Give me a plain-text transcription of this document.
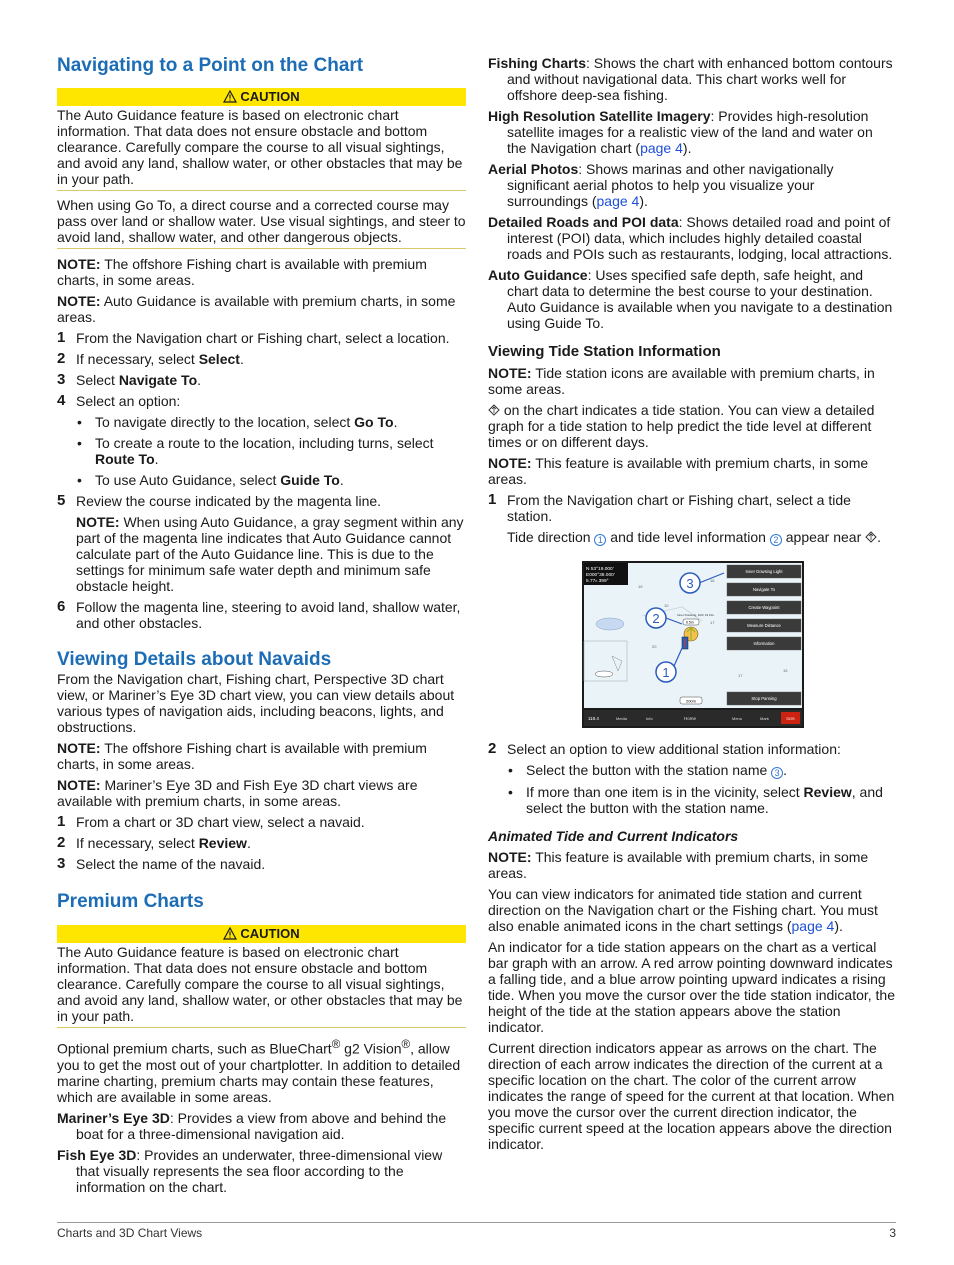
Navigating to a Point on the Chart
CAUTION

The Auto Guidance feature is based on electronic chart information. That data does not ensure obstacle and bottom clearance. Carefully compare the course to all visual sightings, and avoid any land, shallow water, or other obstacles that may be in your path.

When using Go To, a direct course and a corrected course may pass over land or shallow water. Use visual sightings, and steer to avoid land, shallow water, and other dangerous objects.

NOTE: The offshore Fishing chart is available with premium charts, in some areas.

NOTE: Auto Guidance is available with premium charts, in some areas.

1 From the Navigation chart or Fishing chart, select a location.
2 If necessary, select Select.
3 Select Navigate To.
4 Select an option:
• To navigate directly to the location, select Go To.
• To create a route to the location, including turns, select Route To.
• To use Auto Guidance, select Guide To.
5 Review the course indicated by the magenta line.
NOTE: When using Auto Guidance, a gray segment within any part of the magenta line indicates that Auto Guidance cannot calculate part of the Auto Guidance line. This is due to the settings for minimum safe water depth and minimum safe obstacle height.
6 Follow the magenta line, steering to avoid land, shallow water, and other obstacles.
Viewing Details about Navaids

From the Navigation chart, Fishing chart, Perspective 3D chart view, or Mariner’s Eye 3D chart view, you can view details about various types of navigation aids, including beacons, lights, and obstructions.

NOTE: The offshore Fishing chart is available with premium charts, in some areas.

NOTE: Mariner’s Eye 3D and Fish Eye 3D chart views are available with premium charts, in some areas.

1 From a chart or 3D chart view, select a navaid.
2 If necessary, select Review.
3 Select the name of the navaid.
Premium Charts
CAUTION

The Auto Guidance feature is based on electronic chart information. That data does not ensure obstacle and bottom clearance. Carefully compare the course to all visual sightings, and avoid any land, shallow water, or other obstacles that may be in your path.

Optional premium charts, such as BlueChart® g2 Vision®, allow you to get the most out of your chartplotter. In addition to detailed marine charting, premium charts may contain these features, which are available in some areas.

Mariner’s Eye 3D: Provides a view from above and behind the boat for a three-dimensional navigation aid.

Fish Eye 3D: Provides an underwater, three-dimensional view that visually represents the sea floor according to the information on the chart.

Fishing Charts: Shows the chart with enhanced bottom contours and without navigational data. This chart works well for offshore deep-sea fishing.

High Resolution Satellite Imagery: Provides high-resolution satellite images for a realistic view of the land and water on the Navigation chart (page 4).

Aerial Photos: Shows marinas and other navigationally significant aerial photos to help you visualize your surroundings (page 4).

Detailed Roads and POI data: Shows detailed road and point of interest (POI) data, which includes highly detailed coastal roads and POIs such as restaurants, lodging, local attractions.

Auto Guidance: Uses specified safe depth, safe height, and chart data to determine the best course to your destination. Auto Guidance is available when you navigate to a destination using Guide To.

Viewing Tide Station Information

NOTE: Tide station icons are available with premium charts, in some areas.

on the chart indicates a tide station. You can view a detailed graph for a tide station to help predict the tide level at different times or on different days.

NOTE: This feature is available with premium charts, in some areas.

1 From the Navigation chart or Fishing chart, select a tide station.
Tide direction 1 and tide level information 2 appear near .
19
16
10
20
17
17
15
N 53°19.000'
E000°38.000'
5.77ₕ 399°
Inner Dowsing, DCF 19 10s
6.5m
1
2
3
Inner Dowsing Light
Navigate To
Create Waypoint
Measure Distance
Information
Stop Panning
200m
118.4	Media	Info	Home	Menu	Mark	SOS
2 Select an option to view additional station information:
• Select the button with the station name 3 .
• If more than one item is in the vicinity, select Review, and select the button with the station name.
Animated Tide and Current Indicators

NOTE: This feature is available with premium charts, in some areas.

You can view indicators for animated tide station and current direction on the Navigation chart or the Fishing chart. You must also enable animated icons in the chart settings (page 4).

An indicator for a tide station appears on the chart as a vertical bar graph with an arrow. A red arrow pointing downward indicates a falling tide, and a blue arrow pointing upward indicates a rising tide. When you move the cursor over the tide station indicator, the height of the tide at the station appears above the station indicator.

Current direction indicators appear as arrows on the chart. The direction of each arrow indicates the direction of the current at a specific location on the chart. The color of the current arrow indicates the range of speed for the current at that location. When you move the cursor over the current direction indicator, the specific current speed at the location appears above the direction indicator.

Charts and 3D Chart Views	3
